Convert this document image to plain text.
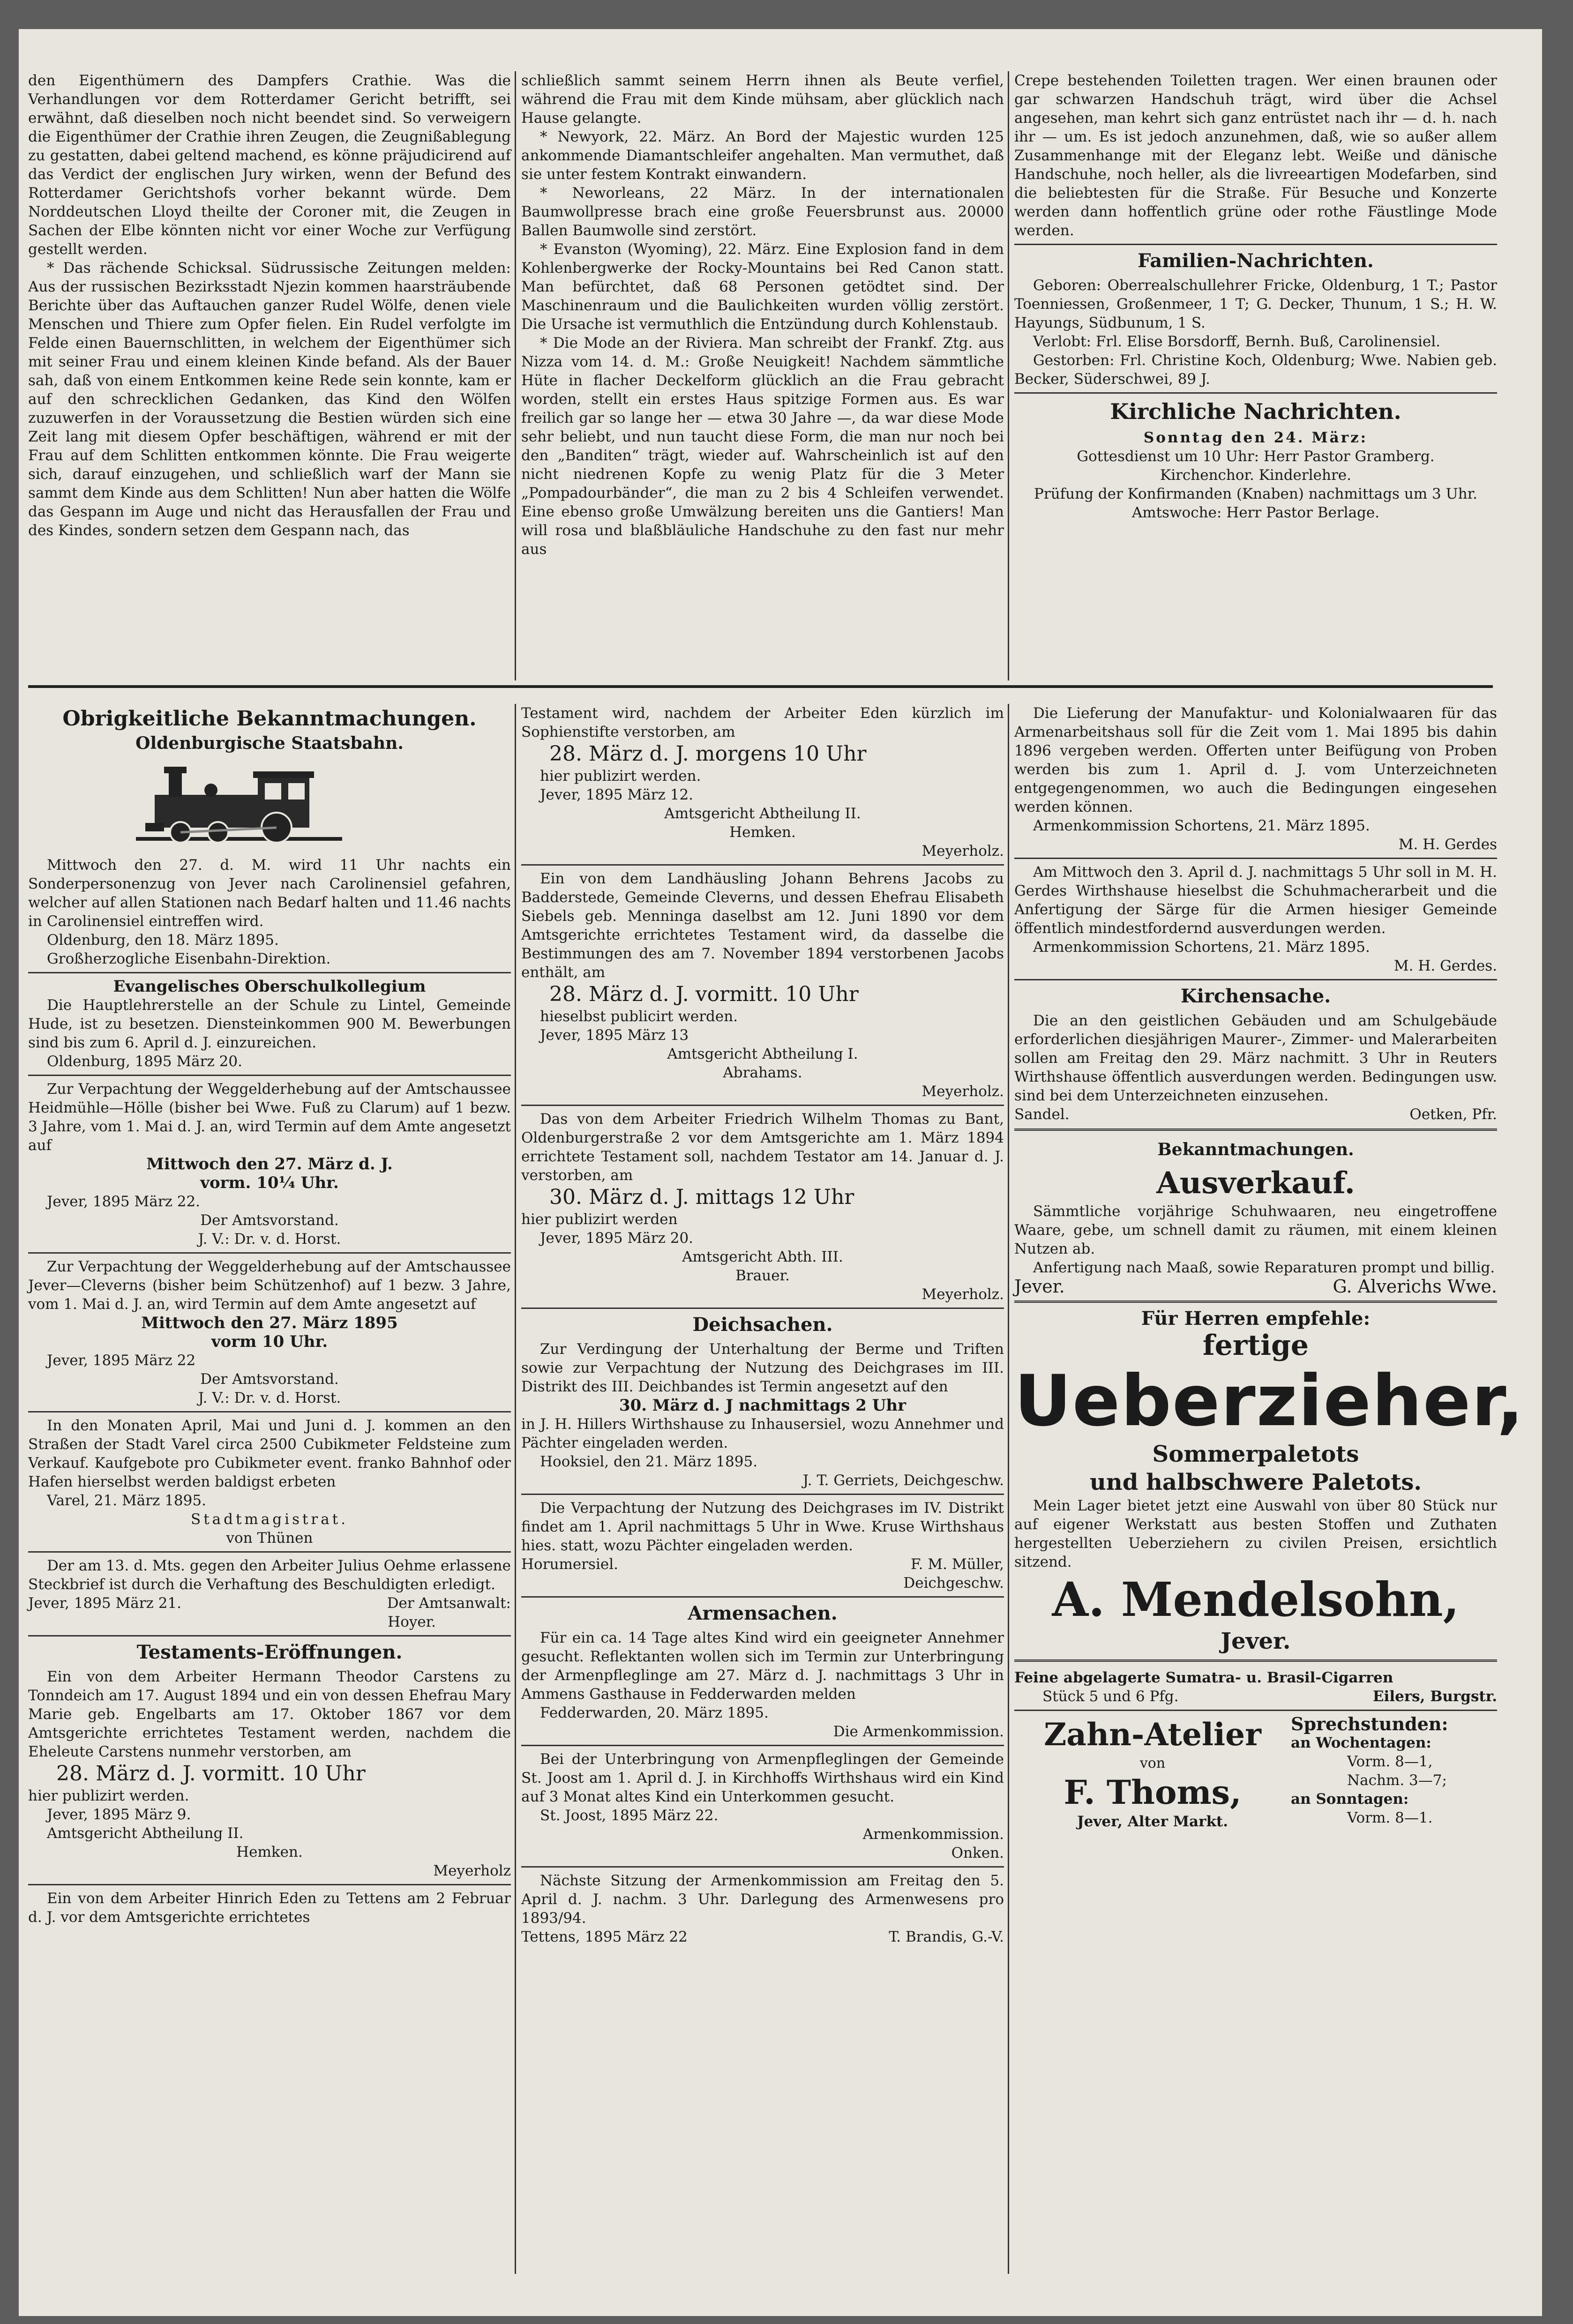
den Eigenthümern des Dampfers Crathie. Was die Verhandlungen vor dem Rotterdamer Gericht betrifft, sei erwähnt, daß dieselben noch nicht beendet sind. So verweigern die Eigenthümer der Crathie ihren Zeugen, die Zeugnißablegung zu gestatten, dabei geltend machend, es könne präjudicirend auf das Verdict der englischen Jury wirken, wenn der Befund des Rotterdamer Gerichtshofs vorher bekannt würde. Dem Norddeutschen Lloyd theilte der Coroner mit, die Zeugen in Sachen der Elbe könnten nicht vor einer Woche zur Verfügung gestellt werden.

* Das rächende Schicksal. Südrussische Zeitungen melden: Aus der russischen Bezirksstadt Njezin kommen haarsträubende Berichte über das Auftauchen ganzer Rudel Wölfe, denen viele Menschen und Thiere zum Opfer fielen. Ein Rudel verfolgte im Felde einen Bauernschlitten, in welchem der Eigenthümer sich mit seiner Frau und einem kleinen Kinde befand. Als der Bauer sah, daß von einem Entkommen keine Rede sein konnte, kam er auf den schrecklichen Gedanken, das Kind den Wölfen zuzuwerfen in der Voraussetzung die Bestien würden sich eine Zeit lang mit diesem Opfer beschäftigen, während er mit der Frau auf dem Schlitten entkommen könnte. Die Frau weigerte sich, darauf einzugehen, und schließlich warf der Mann sie sammt dem Kinde aus dem Schlitten! Nun aber hatten die Wölfe das Gespann im Auge und nicht das Herausfallen der Frau und des Kindes, sondern setzen dem Gespann nach, das

schließlich sammt seinem Herrn ihnen als Beute verfiel, während die Frau mit dem Kinde mühsam, aber glücklich nach Hause gelangte.

* Newyork, 22. März. An Bord der Majestic wurden 125 ankommende Diamantschleifer angehalten. Man vermuthet, daß sie unter festem Kontrakt einwandern.

* Neworleans, 22 März. In der internationalen Baumwollpresse brach eine große Feuersbrunst aus. 20000 Ballen Baumwolle sind zerstört.

* Evanston (Wyoming), 22. März. Eine Explosion fand in dem Kohlenbergwerke der Rocky-Mountains bei Red Canon statt. Man befürchtet, daß 68 Personen getödtet sind. Der Maschinenraum und die Baulichkeiten wurden völlig zerstört. Die Ursache ist vermuthlich die Entzündung durch Kohlenstaub.

* Die Mode an der Riviera. Man schreibt der Frankf. Ztg. aus Nizza vom 14. d. M.: Große Neuigkeit! Nachdem sämmtliche Hüte in flacher Deckelform glücklich an die Frau gebracht worden, stellt ein erstes Haus spitzige Formen aus. Es war freilich gar so lange her — etwa 30 Jahre —, da war diese Mode sehr beliebt, und nun taucht diese Form, die man nur noch bei den „Banditen“ trägt, wieder auf. Wahrscheinlich ist auf den nicht niedrenen Kopfe zu wenig Platz für die 3 Meter „Pompadourbänder“, die man zu 2 bis 4 Schleifen verwendet. Eine ebenso große Umwälzung bereiten uns die Gantiers! Man will rosa und blaßbläuliche Handschuhe zu den fast nur mehr aus

Crepe bestehenden Toiletten tragen. Wer einen braunen oder gar schwarzen Handschuh trägt, wird über die Achsel angesehen, man kehrt sich ganz entrüstet nach ihr — d. h. nach ihr — um. Es ist jedoch anzunehmen, daß, wie so außer allem Zusammenhange mit der Eleganz lebt. Weiße und dänische Handschuhe, noch heller, als die livreeartigen Modefarben, sind die beliebtesten für die Straße. Für Besuche und Konzerte werden dann hoffentlich grüne oder rothe Fäustlinge Mode werden.

Familien-Nachrichten.

Geboren: Oberrealschullehrer Fricke, Oldenburg, 1 T.; Pastor Toenniessen, Großenmeer, 1 T; G. Decker, Thunum, 1 S.; H. W. Hayungs, Südbunum, 1 S.

Verlobt: Frl. Elise Borsdorff, Bernh. Buß, Carolinensiel.

Gestorben: Frl. Christine Koch, Oldenburg; Wwe. Nabien geb. Becker, Süderschwei, 89 J.

Kirchliche Nachrichten.

Sonntag den 24. März:

Gottesdienst um 10 Uhr: Herr Pastor Gramberg.

Kirchenchor. Kinderlehre.

Prüfung der Konfirmanden (Knaben) nachmittags um 3 Uhr.

Amtswoche: Herr Pastor Berlage.

Obrigkeitliche Bekanntmachungen.
Oldenburgische Staatsbahn.

Mittwoch den 27. d. M. wird 11 Uhr nachts ein Sonderpersonenzug von Jever nach Carolinensiel gefahren, welcher auf allen Stationen nach Bedarf halten und 11.46 nachts in Carolinensiel eintreffen wird.

Oldenburg, den 18. März 1895.

Großherzogliche Eisenbahn-Direktion.

Evangelisches Oberschulkollegium

Die Hauptlehrerstelle an der Schule zu Lintel, Gemeinde Hude, ist zu besetzen. Diensteinkommen 900 M. Bewerbungen sind bis zum 6. April d. J. einzureichen.

Oldenburg, 1895 März 20.

Zur Verpachtung der Weggelderhebung auf der Amtschaussee Heidmühle—Hölle (bisher bei Wwe. Fuß zu Clarum) auf 1 bezw. 3 Jahre, vom 1. Mai d. J. an, wird Termin auf dem Amte angesetzt auf

Mittwoch den 27. März d. J.

vorm. 10¼ Uhr.

Jever, 1895 März 22.

Der Amtsvorstand.

J. V.: Dr. v. d. Horst.

Zur Verpachtung der Weggelderhebung auf der Amtschaussee Jever—Cleverns (bisher beim Schützenhof) auf 1 bezw. 3 Jahre, vom 1. Mai d. J. an, wird Termin auf dem Amte angesetzt auf

Mittwoch den 27. März 1895

vorm 10 Uhr.

Jever, 1895 März 22

Der Amtsvorstand.

J. V.: Dr. v. d. Horst.

In den Monaten April, Mai und Juni d. J. kommen an den Straßen der Stadt Varel circa 2500 Cubikmeter Feldsteine zum Verkauf. Kaufgebote pro Cubikmeter event. franko Bahnhof oder Hafen hierselbst werden baldigst erbeten

Varel, 21. März 1895.

Stadtmagistrat.

von Thünen

Der am 13. d. Mts. gegen den Arbeiter Julius Oehme erlassene Steckbrief ist durch die Verhaftung des Beschuldigten erledigt.

Jever, 1895 März 21.	Der Amtsanwalt:

Hoyer.

Testaments-Eröffnungen.

Ein von dem Arbeiter Hermann Theodor Carstens zu Tonndeich am 17. August 1894 und ein von dessen Ehefrau Mary Marie geb. Engelbarts am 17. Oktober 1867 vor dem Amtsgerichte errichtetes Testament werden, nachdem die Eheleute Carstens nunmehr verstorben, am

28. März d. J. vormitt. 10 Uhr

hier publizirt werden.

Jever, 1895 März 9.

Amtsgericht Abtheilung II.

Hemken.

Meyerholz

Ein von dem Arbeiter Hinrich Eden zu Tettens am 2 Februar d. J. vor dem Amtsgerichte errichtetes

Testament wird, nachdem der Arbeiter Eden kürzlich im Sophienstifte verstorben, am

28. März d. J. morgens 10 Uhr

hier publizirt werden.

Jever, 1895 März 12.

Amtsgericht Abtheilung II.

Hemken.

Meyerholz.

Ein von dem Landhäusling Johann Behrens Jacobs zu Badderstede, Gemeinde Cleverns, und dessen Ehefrau Elisabeth Siebels geb. Menninga daselbst am 12. Juni 1890 vor dem Amtsgerichte errichtetes Testament wird, da dasselbe die Bestimmungen des am 7. November 1894 verstorbenen Jacobs enthält, am

28. März d. J. vormitt. 10 Uhr

hieselbst publicirt werden.

Jever, 1895 März 13

Amtsgericht Abtheilung I.

Abrahams.

Meyerholz.

Das von dem Arbeiter Friedrich Wilhelm Thomas zu Bant, Oldenburgerstraße 2 vor dem Amtsgerichte am 1. März 1894 errichtete Testament soll, nachdem Testator am 14. Januar d. J. verstorben, am

30. März d. J. mittags 12 Uhr

hier publizirt werden

Jever, 1895 März 20.

Amtsgericht Abth. III.

Brauer.

Meyerholz.

Deichsachen.

Zur Verdingung der Unterhaltung der Berme und Triften sowie zur Verpachtung der Nutzung des Deichgrases im III. Distrikt des III. Deichbandes ist Termin angesetzt auf den

30. März d. J nachmittags 2 Uhr

in J. H. Hillers Wirthshause zu Inhausersiel, wozu Annehmer und Pächter eingeladen werden.

Hooksiel, den 21. März 1895.

J. T. Gerriets, Deichgeschw.

Die Verpachtung der Nutzung des Deichgrases im IV. Distrikt findet am 1. April nachmittags 5 Uhr in Wwe. Kruse Wirthshaus hies. statt, wozu Pächter eingeladen werden.

Horumersiel.	F. M. Müller,

Deichgeschw.

Armensachen.

Für ein ca. 14 Tage altes Kind wird ein geeigneter Annehmer gesucht. Reflektanten wollen sich im Termin zur Unterbringung der Armenpfleglinge am 27. März d. J. nachmittags 3 Uhr in Ammens Gasthause in Fedderwarden melden

Fedderwarden, 20. März 1895.

Die Armenkommission.

Bei der Unterbringung von Armenpfleglingen der Gemeinde St. Joost am 1. April d. J. in Kirchhoffs Wirthshaus wird ein Kind auf 3 Monat altes Kind ein Unterkommen gesucht.

St. Joost, 1895 März 22.

Armenkommission.

Onken.

Nächste Sitzung der Armenkommission am Freitag den 5. April d. J. nachm. 3 Uhr. Darlegung des Armenwesens pro 1893/94.

Tettens, 1895 März 22	T. Brandis, G.-V.

Die Lieferung der Manufaktur- und Kolonialwaaren für das Armenarbeitshaus soll für die Zeit vom 1. Mai 1895 bis dahin 1896 vergeben werden. Offerten unter Beifügung von Proben werden bis zum 1. April d. J. vom Unterzeichneten entgegengenommen, wo auch die Bedingungen eingesehen werden können.

Armenkommission Schortens, 21. März 1895.

M. H. Gerdes

Am Mittwoch den 3. April d. J. nachmittags 5 Uhr soll in M. H. Gerdes Wirthshause hieselbst die Schuhmacherarbeit und die Anfertigung der Särge für die Armen hiesiger Gemeinde öffentlich mindestfordernd ausverdungen werden.

Armenkommission Schortens, 21. März 1895.

M. H. Gerdes.

Kirchensache.

Die an den geistlichen Gebäuden und am Schulgebäude erforderlichen diesjährigen Maurer-, Zimmer- und Malerarbeiten sollen am Freitag den 29. März nachmitt. 3 Uhr in Reuters Wirthshause öffentlich ausverdungen werden. Bedingungen usw. sind bei dem Unterzeichneten einzusehen.

Sandel.	Oetken, Pfr.
Bekanntmachungen.
Ausverkauf.

Sämmtliche vorjährige Schuhwaaren, neu eingetroffene Waare, gebe, um schnell damit zu räumen, mit einem kleinen Nutzen ab.

Anfertigung nach Maaß, sowie Reparaturen prompt und billig.

Jever.	G. Alverichs Wwe.
Für Herren empfehle:
fertige
Ueberzieher,
Sommerpaletots
und halbschwere Paletots.

Mein Lager bietet jetzt eine Auswahl von über 80 Stück nur auf eigener Werkstatt aus besten Stoffen und Zuthaten hergestellten Ueberziehern zu civilen Preisen, ersichtlich sitzend.

A. Mendelsohn,
Jever.

Feine abgelagerte Sumatra- u. Brasil-Cigarren

Stück 5 und 6 Pfg.	Eilers, Burgstr.
Zahn-Atelier
von
F. Thoms,
Jever, Alter Markt.
Sprechstunden:
an Wochentagen:
Vorm. 8—1,
Nachm. 3—7;
an Sonntagen:
Vorm. 8—1.
